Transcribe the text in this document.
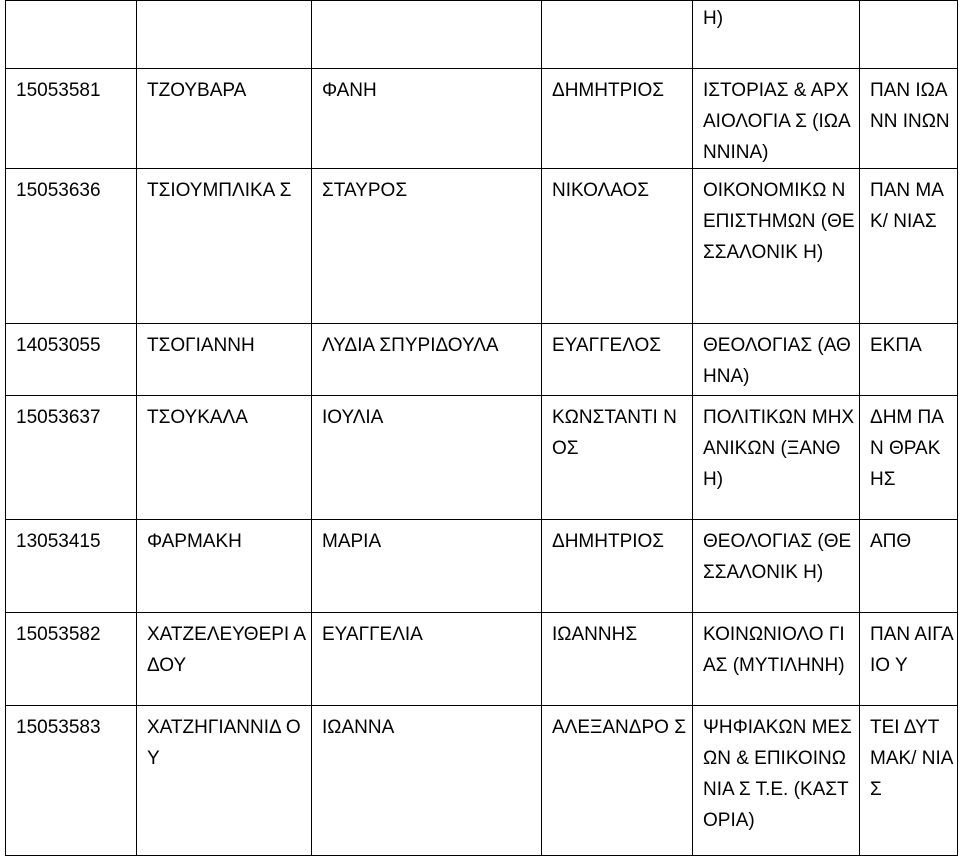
				Η)	
15053581	ΤΖΟΥΒΑΡΑ	ΦΑΝΗ	ΔΗΜΗΤΡΙΟΣ	ΙΣΤΟΡΙΑΣ & ΑΡΧΑΙΟΛΟΓΙΑ Σ (ΙΩΑΝΝΙΝΑ)	ΠΑΝ ΙΩΑΝΝ ΙΝΩΝ
15053636	ΤΣΙΟΥΜΠΛΙΚΑ Σ	ΣΤΑΥΡΟΣ	ΝΙΚΟΛΑΟΣ	ΟΙΚΟΝΟΜΙΚΩ Ν ΕΠΙΣΤΗΜΩΝ (ΘΕΣΣΑΛΟΝΙΚ Η)	ΠΑΝ ΜΑΚ/ ΝΙΑΣ
14053055	ΤΣΟΓΙΑΝΝΗ	ΛΥΔΙΑ ΣΠΥΡΙΔΟΥΛΑ	ΕΥΑΓΓΕΛΟΣ	ΘΕΟΛΟΓΙΑΣ (ΑΘΗΝΑ)	ΕΚΠΑ
15053637	ΤΣΟΥΚΑΛΑ	ΙΟΥΛΙΑ	ΚΩΝΣΤΑΝΤΙ ΝΟΣ	ΠΟΛΙΤΙΚΩΝ ΜΗΧΑΝΙΚΩΝ (ΞΑΝΘΗ)	ΔΗΜ ΠΑΝ ΘΡΑΚ ΗΣ
13053415	ΦΑΡΜΑΚΗ	ΜΑΡΙΑ	ΔΗΜΗΤΡΙΟΣ	ΘΕΟΛΟΓΙΑΣ (ΘΕΣΣΑΛΟΝΙΚ Η)	ΑΠΘ
15053582	ΧΑΤΖΕΛΕΥΘΕΡΙ ΑΔΟΥ	ΕΥΑΓΓΕΛΙΑ	ΙΩΑΝΝΗΣ	ΚΟΙΝΩΝΙΟΛΟ ΓΙΑΣ (ΜΥΤΙΛΗΝΗ)	ΠΑΝ ΑΙΓΑΙΟ Υ
15053583	ΧΑΤΖΗΓΙΑΝΝΙΔ ΟΥ	ΙΩΑΝΝΑ	ΑΛΕΞΑΝΔΡΟ Σ	ΨΗΦΙΑΚΩΝ ΜΕΣΩΝ & ΕΠΙΚΟΙΝΩΝΙΑ Σ Τ.Ε. (ΚΑΣΤΟΡΙΑ)	ΤΕΙ ΔΥΤ ΜΑΚ/ ΝΙΑΣ
